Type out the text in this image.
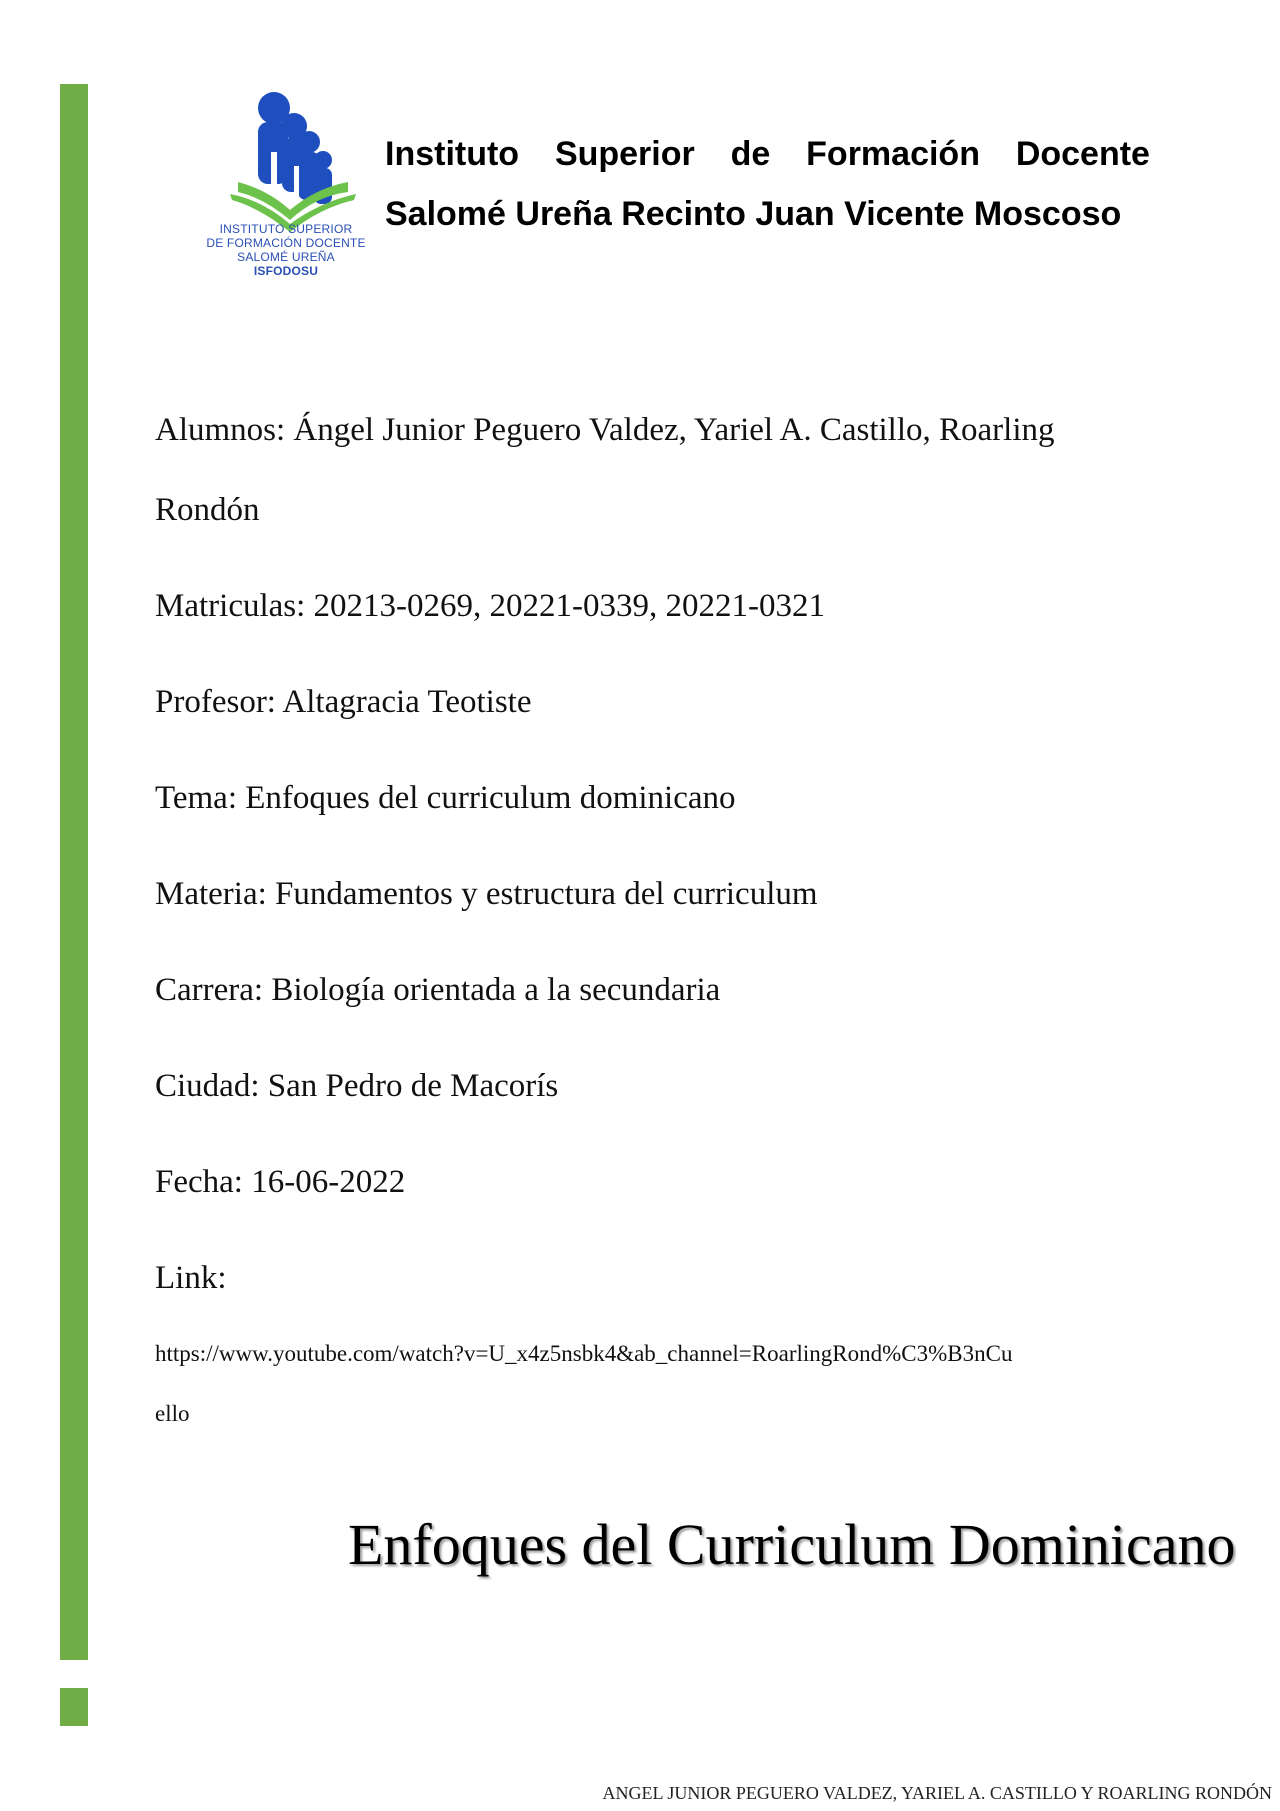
INSTITUTO SUPERIOR
DE FORMACIÓN DOCENTE
SALOMÉ UREÑA
ISFODOSU
Instituto Superior de Formación Docente
Salomé Ureña Recinto Juan Vicente Moscoso
Alumnos: Ángel Junior Peguero Valdez, Yariel A. Castillo, Roarling
Rondón
Matriculas: 20213-0269, 20221-0339, 20221-0321
Profesor: Altagracia Teotiste
Tema: Enfoques del curriculum dominicano
Materia: Fundamentos y estructura del curriculum
Carrera: Biología orientada a la secundaria
Ciudad: San Pedro de Macorís
Fecha: 16-06-2022
Link:
https://www.youtube.com/watch?v=U_x4z5nsbk4&ab_channel=RoarlingRond%C3%B3nCu
ello
Enfoques del Curriculum Dominicano
ANGEL JUNIOR PEGUERO VALDEZ, YARIEL A. CASTILLO Y ROARLING RONDÓN
